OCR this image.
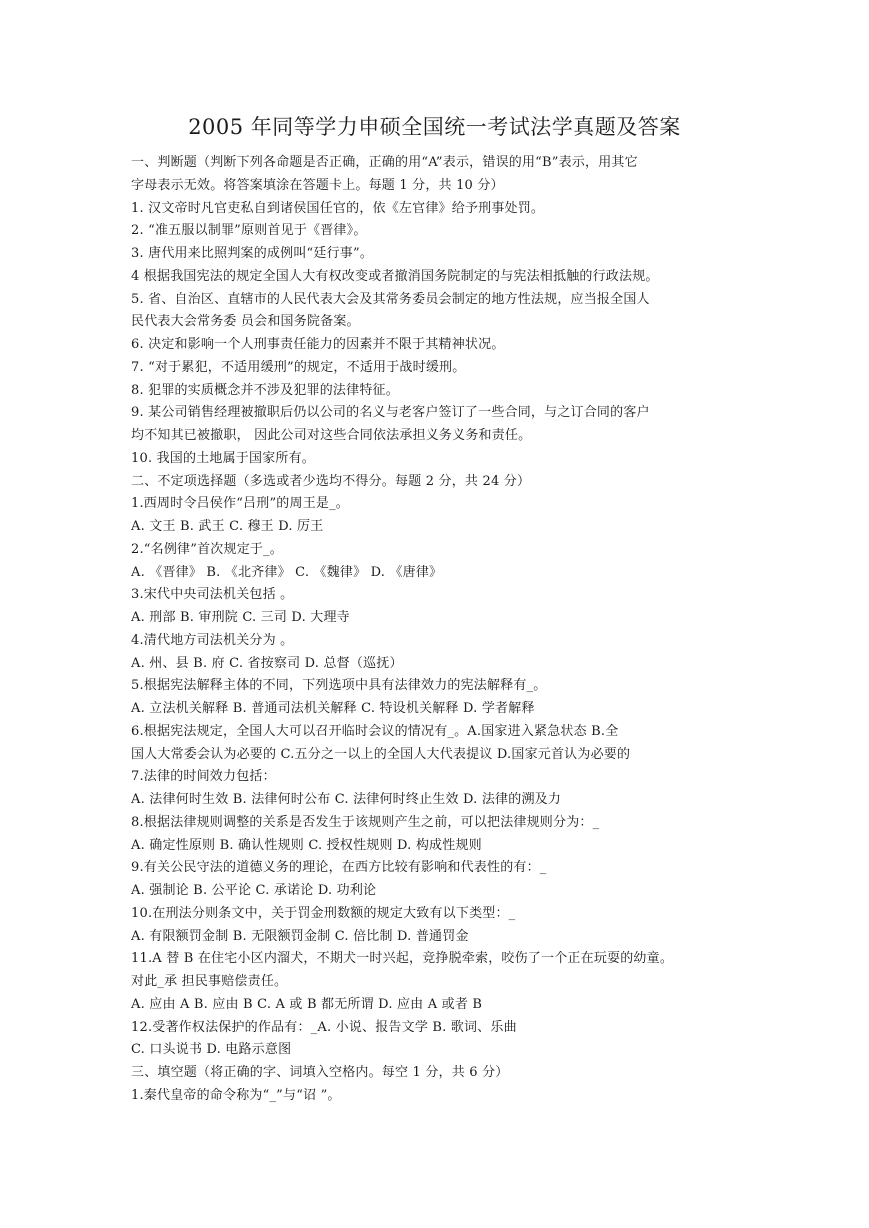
2005 年同等学力申硕全国统一考试法学真题及答案
一、判断题（判断下列各命题是否正确，正确的用“A”表示，错误的用“B”表示，用其它
字母表示无效。将答案填涂在答题卡上。每题 1 分，共 10 分）
1. 汉文帝时凡官吏私自到诸侯国任官的，依《左官律》给予刑事处罚。
2. “准五服以制罪”原则首见于《晋律》。
3. 唐代用来比照判案的成例叫“廷行事”。
4 根据我国宪法的规定全国人大有权改变或者撤消国务院制定的与宪法相抵触的行政法规。
5. 省、自治区、直辖市的人民代表大会及其常务委员会制定的地方性法规，应当报全国人
民代表大会常务委 员会和国务院备案。
6. 决定和影响一个人刑事责任能力的因素并不限于其精神状况。
7. “对于累犯，不适用缓刑”的规定，不适用于战时缓刑。
8. 犯罪的实质概念并不涉及犯罪的法律特征。
9. 某公司销售经理被撤职后仍以公司的名义与老客户签订了一些合同，与之订合同的客户
均不知其已被撤职， 因此公司对这些合同依法承担义务义务和责任。
10. 我国的土地属于国家所有。
二、不定项选择题（多选或者少选均不得分。每题 2 分，共 24 分）
1.西周时令吕侯作“吕刑”的周王是_。
A. 文王 B. 武王 C. 穆王 D. 厉王
2.“名例律”首次规定于_。
A. 《晋律》 B. 《北齐律》 C. 《魏律》 D. 《唐律》
3.宋代中央司法机关包括 。
A. 刑部 B. 审刑院 C. 三司 D. 大理寺
4.清代地方司法机关分为 。
A. 州、县 B. 府 C. 省按察司 D. 总督（巡抚）
5.根据宪法解释主体的不同，下列选项中具有法律效力的宪法解释有_。
A. 立法机关解释 B. 普通司法机关解释 C. 特设机关解释 D. 学者解释
6.根据宪法规定，全国人大可以召开临时会议的情况有_。A.国家进入紧急状态 B.全
国人大常委会认为必要的 C.五分之一以上的全国人大代表提议 D.国家元首认为必要的
7.法律的时间效力包括：
A. 法律何时生效 B. 法律何时公布 C. 法律何时终止生效 D. 法律的溯及力
8.根据法律规则调整的关系是否发生于该规则产生之前，可以把法律规则分为：_
A. 确定性原则 B. 确认性规则 C. 授权性规则 D. 构成性规则
9.有关公民守法的道德义务的理论，在西方比较有影响和代表性的有：_
A. 强制论 B. 公平论 C. 承诺论 D. 功利论
10.在刑法分则条文中，关于罚金刑数额的规定大致有以下类型：_
A. 有限额罚金制 B. 无限额罚金制 C. 倍比制 D. 普通罚金
11.A 替 B 在住宅小区内溜犬，不期犬一时兴起，竞挣脱牵索，咬伤了一个正在玩耍的幼童。
对此_承 担民事赔偿责任。
A. 应由 A B. 应由 B C. A 或 B 都无所谓 D. 应由 A 或者 B
12.受著作权法保护的作品有：_A. 小说、报告文学 B. 歌词、乐曲
C. 口头说书 D. 电路示意图
三、填空题（将正确的字、词填入空格内。每空 1 分，共 6 分）
1.秦代皇帝的命令称为“_”与“诏 ”。
